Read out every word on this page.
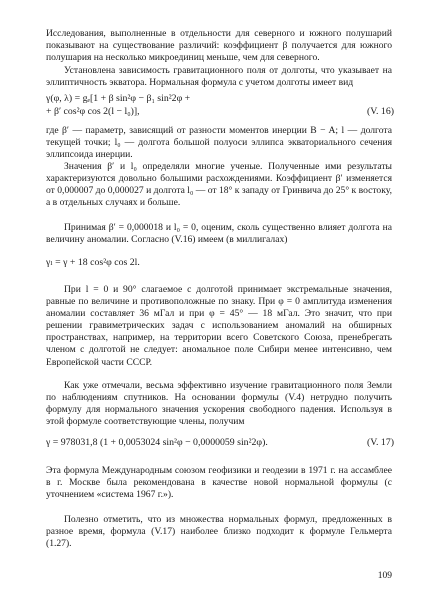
Исследования, выполненные в отдельности для северного и южного полушарий показывают на существование различий: коэффициент β получается для южного полушария на несколько микроединиц меньше, чем для северного.

Установлена зависимость гравитационного поля от долготы, что указывает на эллиптичность экватора. Нормальная формула с учетом долготы имеет вид

γ(φ, λ) = gₑ[1 + β sin²φ − β₁ sin²2φ +
+ β′ cos²φ cos 2(l − l₀)],	(V. 16)

где β′ — параметр, зависящий от разности моментов инерции B − A; l — долгота текущей точки; l₀ — долгота большой полуоси эллипса экваториального сечения эллипсоида инерции.

Значения β′ и l₀ определяли многие ученые. Полученные ими результаты характеризуются довольно большими расхождениями. Коэффициент β′ изменяется от 0,000007 до 0,000027 и долгота l₀ — от 18° к западу от Гринвича до 25° к востоку, а в отдельных случаях и больше.

Принимая β′ = 0,000018 и l₀ = 0, оценим, сколь существенно влияет долгота на величину аномалии. Согласно (V.16) имеем (в миллигалах)

γₗ = γ + 18 cos²φ cos 2l.

При l = 0 и 90° слагаемое с долготой принимает экстремальные значения, равные по величине и противоположные по знаку. При φ = 0 амплитуда изменения аномалии составляет 36 мГал и при φ = 45° — 18 мГал. Это значит, что при решении гравиметрических задач с использованием аномалий на обширных пространствах, например, на территории всего Советского Союза, пренебрегать членом с долготой не следует: аномальное поле Сибири менее интенсивно, чем Европейской части СССР.

Как уже отмечали, весьма эффективно изучение гравитационного поля Земли по наблюдениям спутников. На основании формулы (V.4) нетрудно получить формулу для нормального значения ускорения свободного падения. Используя в этой формуле соответствующие члены, получим

γ = 978031,8 (1 + 0,0053024 sin²φ − 0,0000059 sin²2φ).	(V. 17)

Эта формула Международным союзом геофизики и геодезии в 1971 г. на ассамблее в г. Москве была рекомендована в качестве новой нормальной формулы (с уточнением «система 1967 г.»).

Полезно отметить, что из множества нормальных формул, предложенных в разное время, формула (V.17) наиболее близко подходит к формуле Гельмерта (1.27).

109
